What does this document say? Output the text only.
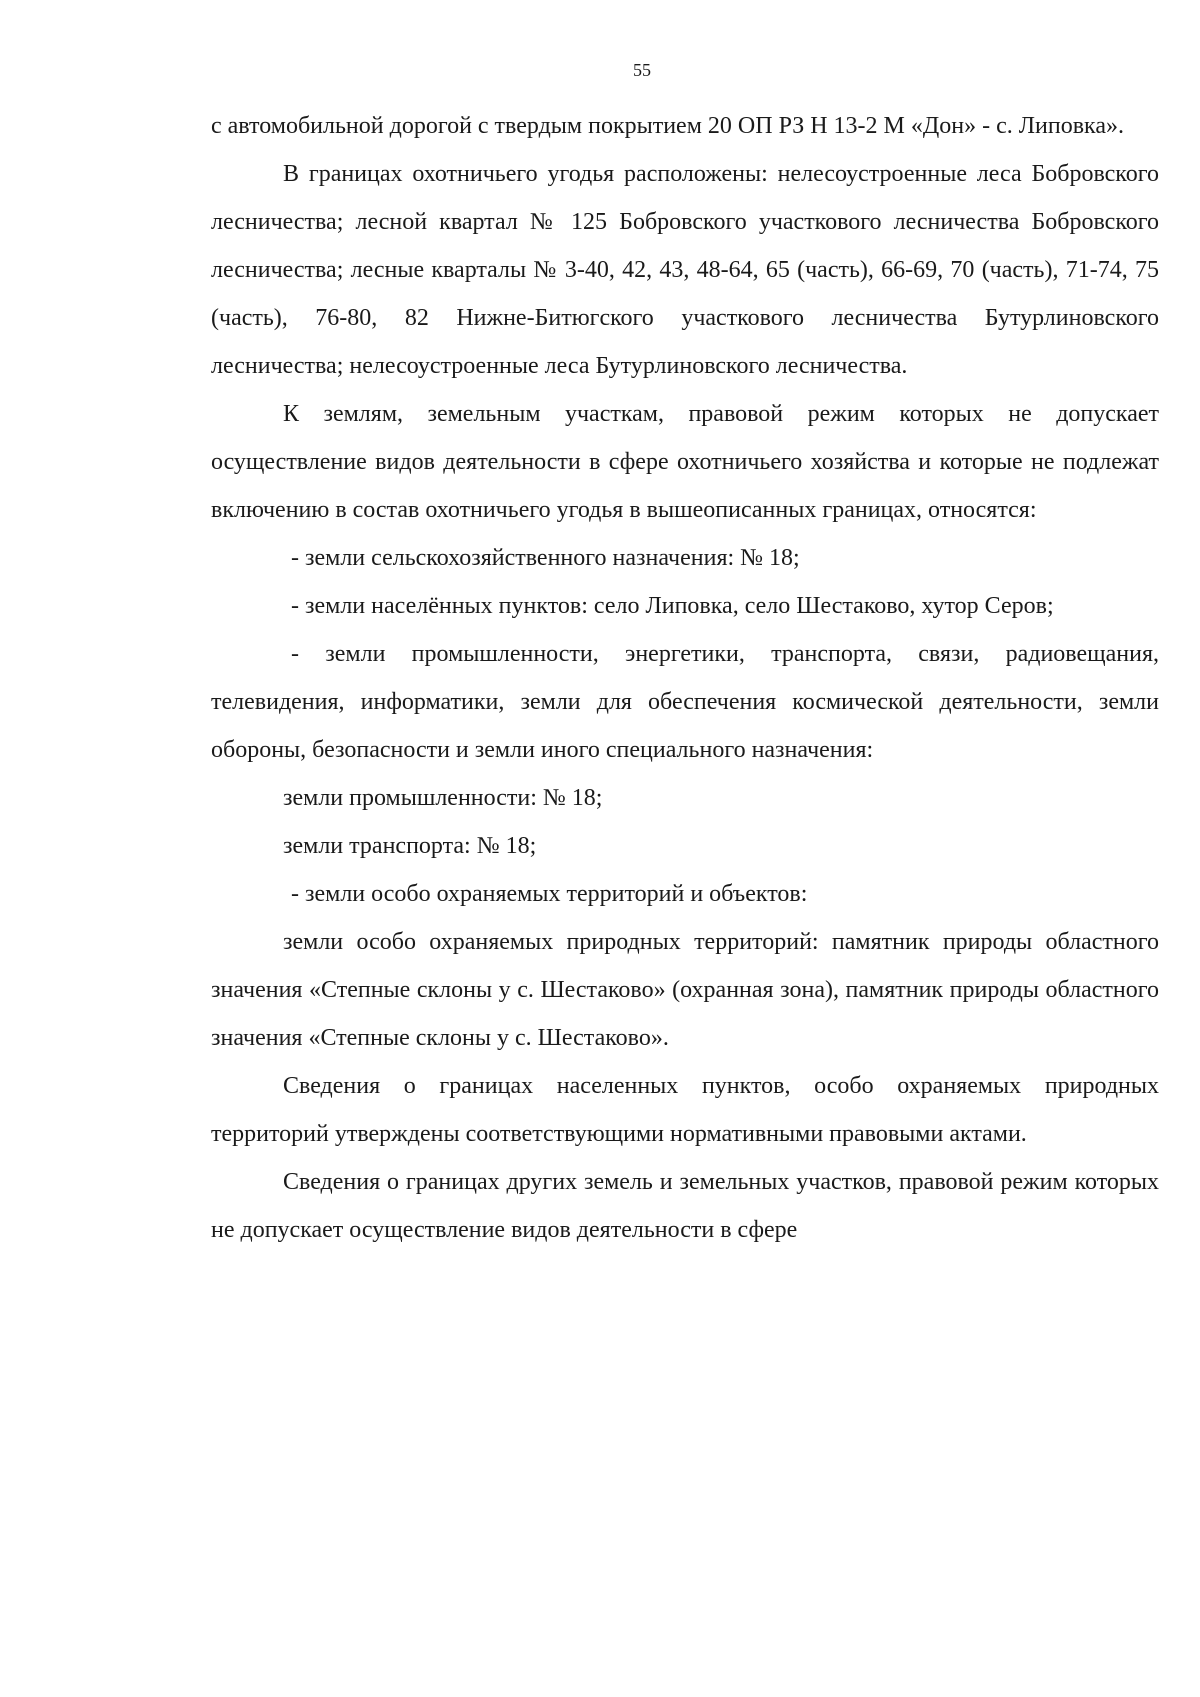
55

с автомобильной дорогой с твердым покрытием 20 ОП РЗ Н 13-2 М «Дон» - с. Липовка».

В границах охотничьего угодья расположены: нелесоустроенные леса Бобровского лесничества; лесной квартал № 125 Бобровского участкового лесничества Бобровского лесничества; лесные кварталы № 3-40, 42, 43, 48-64, 65 (часть), 66-69, 70 (часть), 71-74, 75 (часть), 76-80, 82 Нижне-Битюгского участкового лесничества Бутурлиновского лесничества; нелесоустроенные леса Бутурлиновского лесничества.

К землям, земельным участкам, правовой режим которых не допускает осуществление видов деятельности в сфере охотничьего хозяйства и которые не подлежат включению в состав охотничьего угодья в вышеописанных границах, относятся:

- земли сельскохозяйственного назначения: № 18;

- земли населённых пунктов: село Липовка, село Шестаково, хутор Серов;

- земли промышленности, энергетики, транспорта, связи, радиовещания, телевидения, информатики, земли для обеспечения космической деятельности, земли обороны, безопасности и земли иного специального назначения:

земли промышленности: № 18;

земли транспорта: № 18;

- земли особо охраняемых территорий и объектов:

земли особо охраняемых природных территорий: памятник природы областного значения «Степные склоны у с. Шестаково» (охранная зона), памятник природы областного значения «Степные склоны у с. Шестаково».

Сведения о границах населенных пунктов, особо охраняемых природных территорий утверждены соответствующими нормативными правовыми актами.

Сведения о границах других земель и земельных участков, правовой режим которых не допускает осуществление видов деятельности в сфере
